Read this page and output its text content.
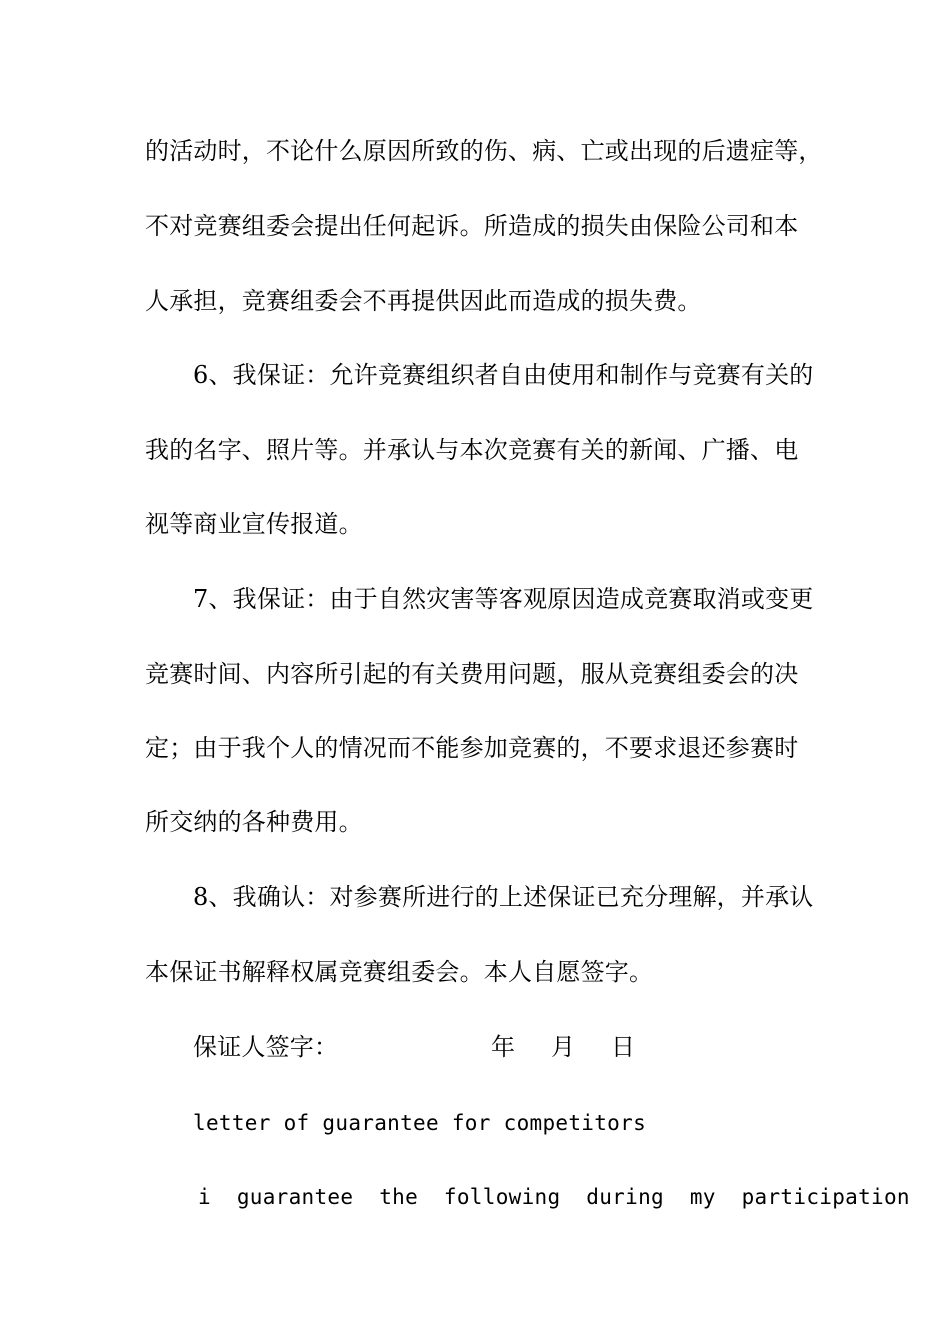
的活动时，不论什么原因所致的伤、病、亡或出现的后遗症等，
不对竞赛组委会提出任何起诉。所造成的损失由保险公司和本
人承担，竞赛组委会不再提供因此而造成的损失费。
6、我保证：允许竞赛组织者自由使用和制作与竞赛有关的
我的名字、照片等。并承认与本次竞赛有关的新闻、广播、电
视等商业宣传报道。
7、我保证：由于自然灾害等客观原因造成竞赛取消或变更
竞赛时间、内容所引起的有关费用问题，服从竞赛组委会的决
定；由于我个人的情况而不能参加竞赛的，不要求退还参赛时
所交纳的各种费用。
8、我确认：对参赛所进行的上述保证已充分理解，并承认
本保证书解释权属竞赛组委会。本人自愿签字。
保证人签字：	年 月 日
letter of guarantee for competitors
i  guarantee  the  following  during  my  participation
